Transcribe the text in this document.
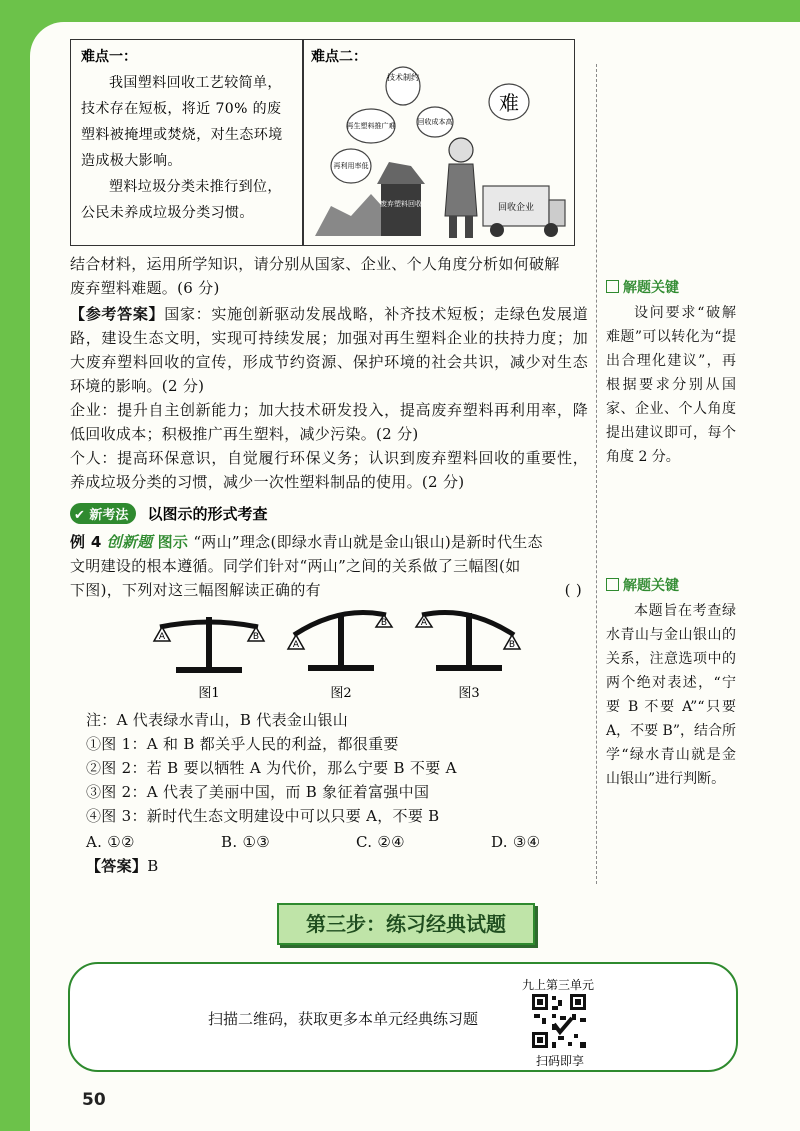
难点一：
我国塑料回收工艺较简单，技术存在短板，将近 70% 的废塑料被掩埋或焚烧，对生态环境造成极大影响。
塑料垃圾分类未推行到位，公民未养成垃圾分类习惯。
难点二：
技术制约
再生塑料推广难	回收成本高
再利用率低
废弃塑料回收
难
回收企业
结合材料，运用所学知识，请分别从国家、企业、个人角度分析如何破解
废弃塑料难题。(6 分)
【参考答案】国家：实施创新驱动发展战略，补齐技术短板；走绿色发展道路，建设生态文明，实现可持续发展；加强对再生塑料企业的扶持力度；加大废弃塑料回收的宣传，形成节约资源、保护环境的社会共识，减少对生态环境的影响。(2 分)
企业：提升自主创新能力；加大技术研发投入，提高废弃塑料再利用率，降低回收成本；积极推广再生塑料，减少污染。(2 分)
个人：提高环保意识，自觉履行环保义务；认识到废弃塑料回收的重要性，养成垃圾分类的习惯，减少一次性塑料制品的使用。(2 分)
✔ 新考法 以图示的形式考查
例 4 创新题 图示 “两山”理念(即绿水青山就是金山银山)是新时代生态
文明建设的根本遵循。同学们针对“两山”之间的关系做了三幅图(如
下图)，下列对这三幅图解读正确的有	( )
A	B
A
B	A
B
图1	图2	图3
注：A 代表绿水青山，B 代表金山银山
①图 1：A 和 B 都关乎人民的利益，都很重要
②图 2：若 B 要以牺牲 A 为代价，那么宁要 B 不要 A
③图 2：A 代表了美丽中国，而 B 象征着富强中国
④图 3：新时代生态文明建设中可以只要 A，不要 B
A. ①②	B. ①③	C. ②④	D. ③④
【答案】B
解题关键
设问要求“破解难题”可以转化为“提出合理化建议”，再根据要求分别从国家、企业、个人角度提出建议即可，每个角度 2 分。
解题关键
本题旨在考查绿水青山与金山银山的关系，注意选项中的两个绝对表述，“宁要 B 不要 A”“只要 A，不要 B”，结合所学“绿水青山就是金山银山”进行判断。
第三步：练习经典试题
扫描二维码，获取更多本单元经典练习题
九上第三单元
扫码即享
50
